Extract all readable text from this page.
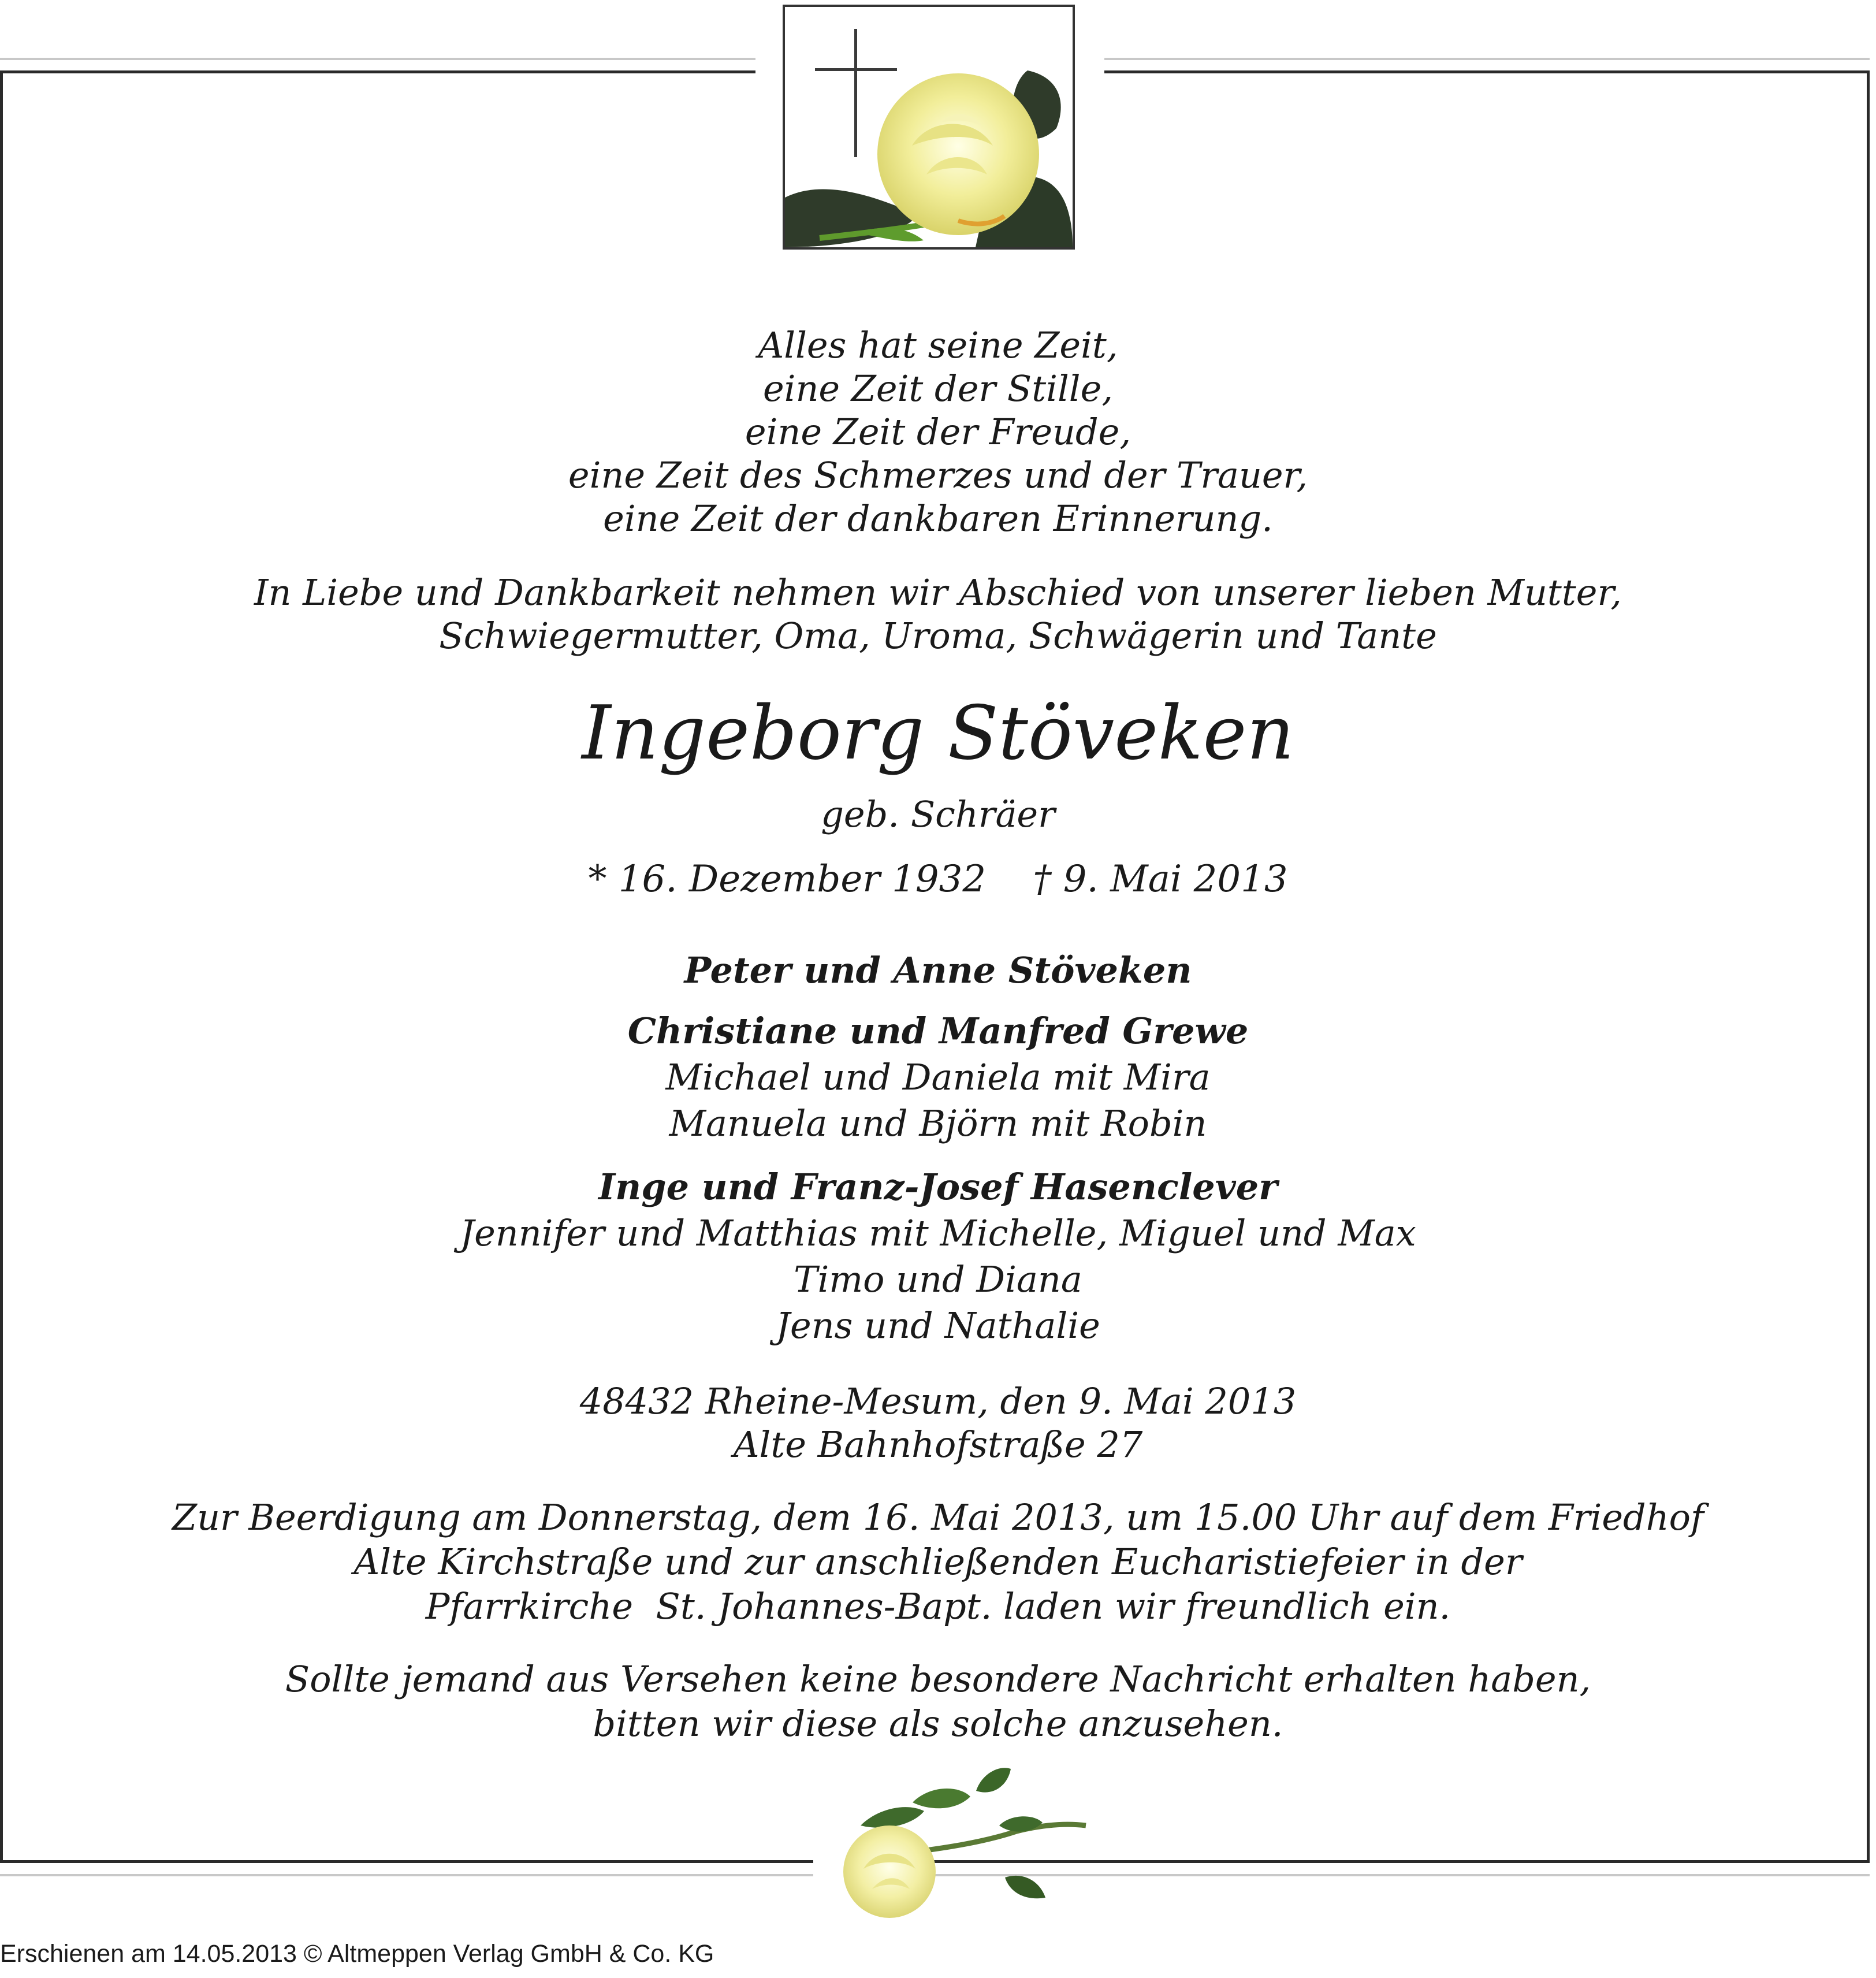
Alles hat seine Zeit,
eine Zeit der Stille,
eine Zeit der Freude,
eine Zeit des Schmerzes und der Trauer,
eine Zeit der dankbaren Erinnerung.
In Liebe und Dankbarkeit nehmen wir Abschied von unserer lieben Mutter,
Schwiegermutter, Oma, Uroma, Schwägerin und Tante
Ingeborg Stöveken
geb. Schräer
* 16. Dezember 1932    † 9. Mai 2013
Peter und Anne Stöveken
Christiane und Manfred Grewe
Michael und Daniela mit Mira
Manuela und Björn mit Robin
Inge und Franz-Josef Hasenclever
Jennifer und Matthias mit Michelle, Miguel und Max
Timo und Diana
Jens und Nathalie
48432 Rheine-Mesum, den 9. Mai 2013
Alte Bahnhofstraße 27
Zur Beerdigung am Donnerstag, dem 16. Mai 2013, um 15.00 Uhr auf dem Friedhof
Alte Kirchstraße und zur anschließenden Eucharistiefeier in der
Pfarrkirche  St. Johannes-Bapt. laden wir freundlich ein.
Sollte jemand aus Versehen keine besondere Nachricht erhalten haben,
bitten wir diese als solche anzusehen.
Erschienen am 14.05.2013 © Altmeppen Verlag GmbH & Co. KG
